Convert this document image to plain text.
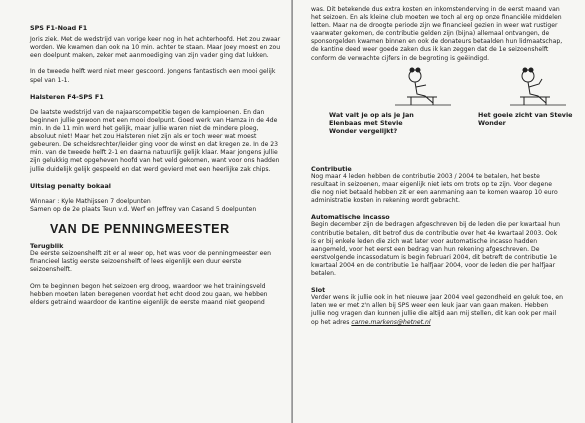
SPS F1-Noad F1

Joris ziek. Met de wedstrijd van vorige keer nog in het achterhoofd. Het zou zwaar worden. We kwamen dan ook na 10 min. achter te staan. Maar Joey moest en zou een doelpunt maken, zeker met aanmoediging van zijn vader ging dat lukken.

In de tweede helft werd niet meer gescoord. Jongens fantastisch een mooi gelijk spel van 1-1.

Halsteren F4-SPS F1

De laatste wedstrijd van de najaarscompetitie tegen de kampioenen. En dan beginnen jullie gewoon met een mooi doelpunt. Goed werk van Hamza in de 4de min. In de 11 min werd het gelijk, maar jullie waren niet de mindere ploeg, absoluut niet! Maar het zou Halsteren niet zijn als er toch weer wat moest gebeuren. De scheidsrechter/leider ging voor de winst en dat kregen ze. In de 23 min. van de tweede helft 2-1 en daarna natuurlijk gelijk klaar. Maar jongens jullie zijn gelukkig met opgeheven hoofd van het veld gekomen, want voor ons hadden jullie duidelijk gelijk gespeeld en dat werd gevierd met een heerlijke zak chips.

Uitslag penalty bokaal

Winnaar : Kyle Mathijssen 7 doelpunten

Samen op de 2e plaats Teun v.d. Werf en Jeffrey van Casand 5 doelpunten

VAN DE PENNINGMEESTER

Terugblik

De eerste seizoenshelft zit er al weer op, het was voor de penningmeester een financieel lastig eerste seizoenshelft of lees eigenlijk een duur eerste seizoenshelft.

Om te beginnen begon het seizoen erg droog, waardoor we het trainingsveld hebben moeten laten beregenen voordat het echt dood zou gaan, we hebben elders getraind waardoor de kantine eigenlijk de eerste maand niet geopend

was. Dit betekende dus extra kosten en inkomstenderving in de eerst maand van het seizoen. En als kleine club moeten we toch al erg op onze financiële middelen letten. Maar na de droogte periode zijn we financieel gezien in weer wat rustiger vaarwater gekomen, de contributie gelden zijn (bijna) allemaal ontvangen, de sponsorgelden kwamen binnen en ook de donateurs betaalden hun lidmaatschap, de kantine deed weer goede zaken dus ik kan zeggen dat de 1e seizoenshelft conform de verwachte cijfers in de begroting is geëindigd.

Wat valt je op als je Jan Elenbaas met Stevie Wonder vergelijkt?

Het goeie zicht van Stevie Wonder

Contributie

Nog maar 4 leden hebben de contributie 2003 / 2004 te betalen, het beste resultaat in seizoenen, maar eigenlijk niet iets om trots op te zijn. Voor degene die nog niet betaald hebben zit er een aanmaning aan te komen waarop 10 euro administratie kosten in rekening wordt gebracht.

Automatische incasso

Begin december zijn de bedragen afgeschreven bij de leden die per kwartaal hun contributie betalen, dit betrof dus de contributie over het 4e kwartaal 2003. Ook is er bij enkele leden die zich wat later voor automatische incasso hadden aangemeld, voor het eerst een bedrag van hun rekening afgeschreven. De eerstvolgende incassodatum is begin februari 2004, dit betreft de contributie 1e kwartaal 2004 en de contributie 1e halfjaar 2004, voor de leden die per halfjaar betalen.

Slot

Verder wens ik jullie ook in het nieuwe jaar 2004 veel gezondheid en geluk toe, en laten we er met z'n allen bij SPS weer een leuk jaar van gaan maken. Hebben jullie nog vragen dan kunnen jullie die altijd aan mij stellen, dit kan ook per mail op het adres carne.markens@hetnet.nl
